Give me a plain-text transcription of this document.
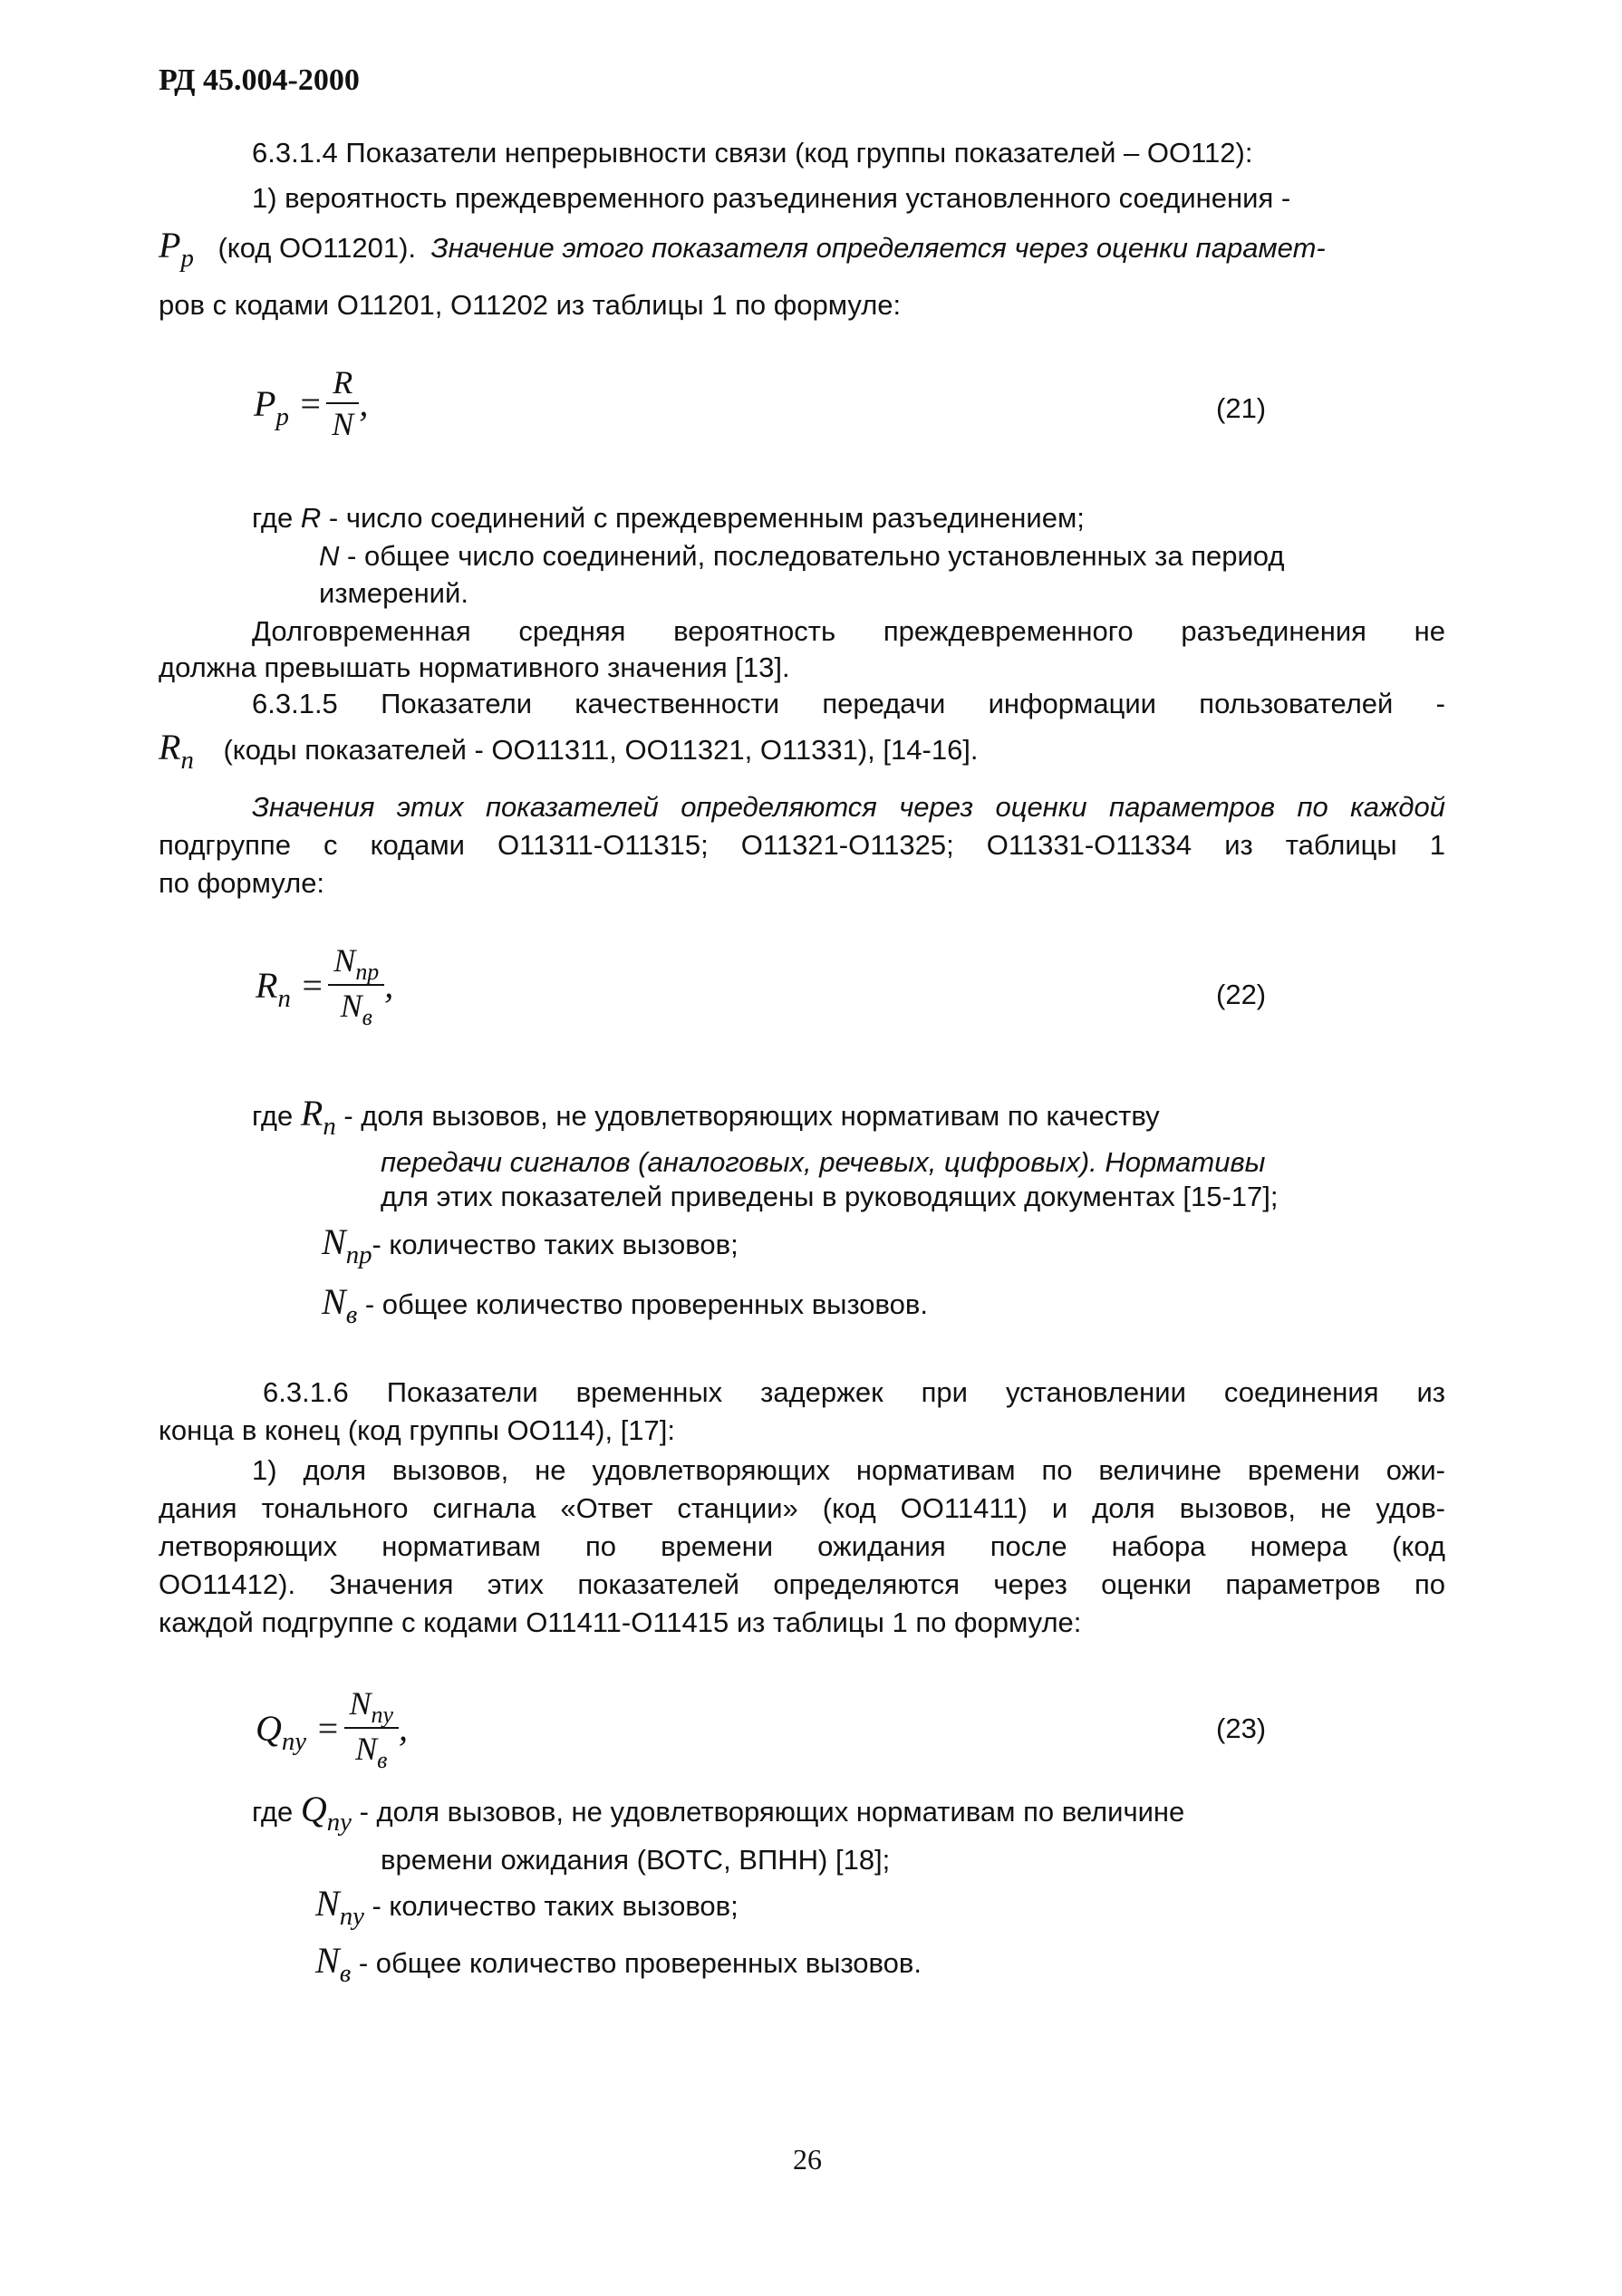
РД 45.004-2000
6.3.1.4 Показатели непрерывности связи (код группы показателей – ОО112):
1) вероятность преждевременного разъединения установленного соединения -
$P_p$ (код ОО11201). Значение этого показателя определяется через оценки парамет-
ров с кодами О11201, О11202 из таблицы 1 по формуле:
$P_p = \frac{R}{N}$ ,	(21)
где R - число соединений с преждевременным разъединением;
N - общее число соединений, последовательно установленных за период
измерений.
Долговременная средняя вероятность преждевременного разъединения не
должна превышать нормативного значения [13].
6.3.1.5 Показатели качественности передачи информации пользователей -
$R_п$ (коды показателей - ОО11311, ОО11321, О11331), [14-16].
Значения этих показателей определяются через оценки параметров по каждой
подгруппе с кодами О11311-О11315; О11321-О11325; О11331-О11334 из таблицы 1
по формуле:
$R_п = \frac{N_{пр}}{N_в}$ ,	(22)
где $R_п$ - доля вызовов, не удовлетворяющих нормативам по качеству
передачи сигналов (аналоговых, речевых, цифровых). Нормативы
для этих показателей приведены в руководящих документах [15-17];
$N_{пр}-$ количество таких вызовов;
$N_в$ - общее количество проверенных вызовов.
6.3.1.6 Показатели временных задержек при установлении соединения из
конца в конец (код группы ОО114), [17]:
1) доля вызовов, не удовлетворяющих нормативам по величине времени ожи-
дания тонального сигнала «Ответ станции» (код ОО11411) и доля вызовов, не удов-
летворяющих нормативам по времени ожидания после набора номера (код
ОО11412). Значения этих показателей определяются через оценки параметров по
каждой подгруппе с кодами О11411-О11415 из таблицы 1 по формуле:
$Q_{пу} = \frac{N_{пу}}{N_в}$ ,	(23)
где $Q_{пу}$ - доля вызовов, не удовлетворяющих нормативам по величине
времени ожидания (ВОТС, ВПНН) [18];
$N_{пу}$ - количество таких вызовов;
$N_в$ - общее количество проверенных вызовов.
26
